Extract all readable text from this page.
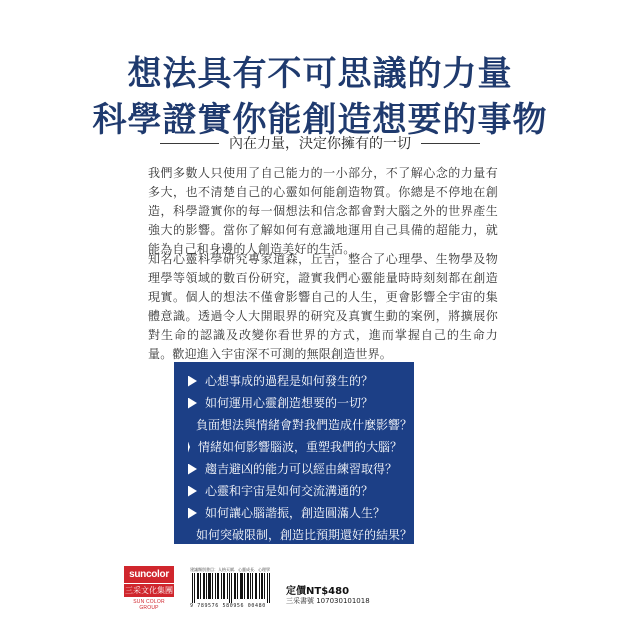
想法具有不可思議的力量
科學證實你能創造想要的事物
內在力量，決定你擁有的一切
我們多數人只使用了自己能力的一小部分，不了解心念的力量有多大，也不清楚自己的心靈如何能創造物質。你總是不停地在創造，科學證實你的每一個想法和信念都會對大腦之外的世界產生強大的影響。當你了解如何有意識地運用自己具備的超能力，就能為自己和身邊的人創造美好的生活。
知名心靈科學研究專家道森，丘吉，整合了心理學、生物學及物理學等領域的數百份研究，證實我們心靈能量時時刻刻都在創造現實。個人的想法不僅會影響自己的人生，更會影響全宇宙的集體意識。透過令人大開眼界的研究及真實生動的案例，將擴展你對生命的認識及改變你看世界的方式，進而掌握自己的生命力量。歡迎進入宇宙深不可測的無限創造世界。
心想事成的過程是如何發生的？
如何運用心靈創造想要的一切？
負面想法與情緒會對我們造成什麼影響？
情緒如何影響腦波，重塑我們的大腦？
趨吉避凶的能力可以經由練習取得？
心靈和宇宙是如何交流溝通的？
如何讓心腦諧振，創造圓滿人生？
如何突破限制，創造比預期還好的結果？
suncolor
三采文化集團
SUN COLOR GROUP
建議類別書目：人格天賦．心靈成長．心理學
9 789576 580956 00480
定價NT$480
三采書號 107030101018
